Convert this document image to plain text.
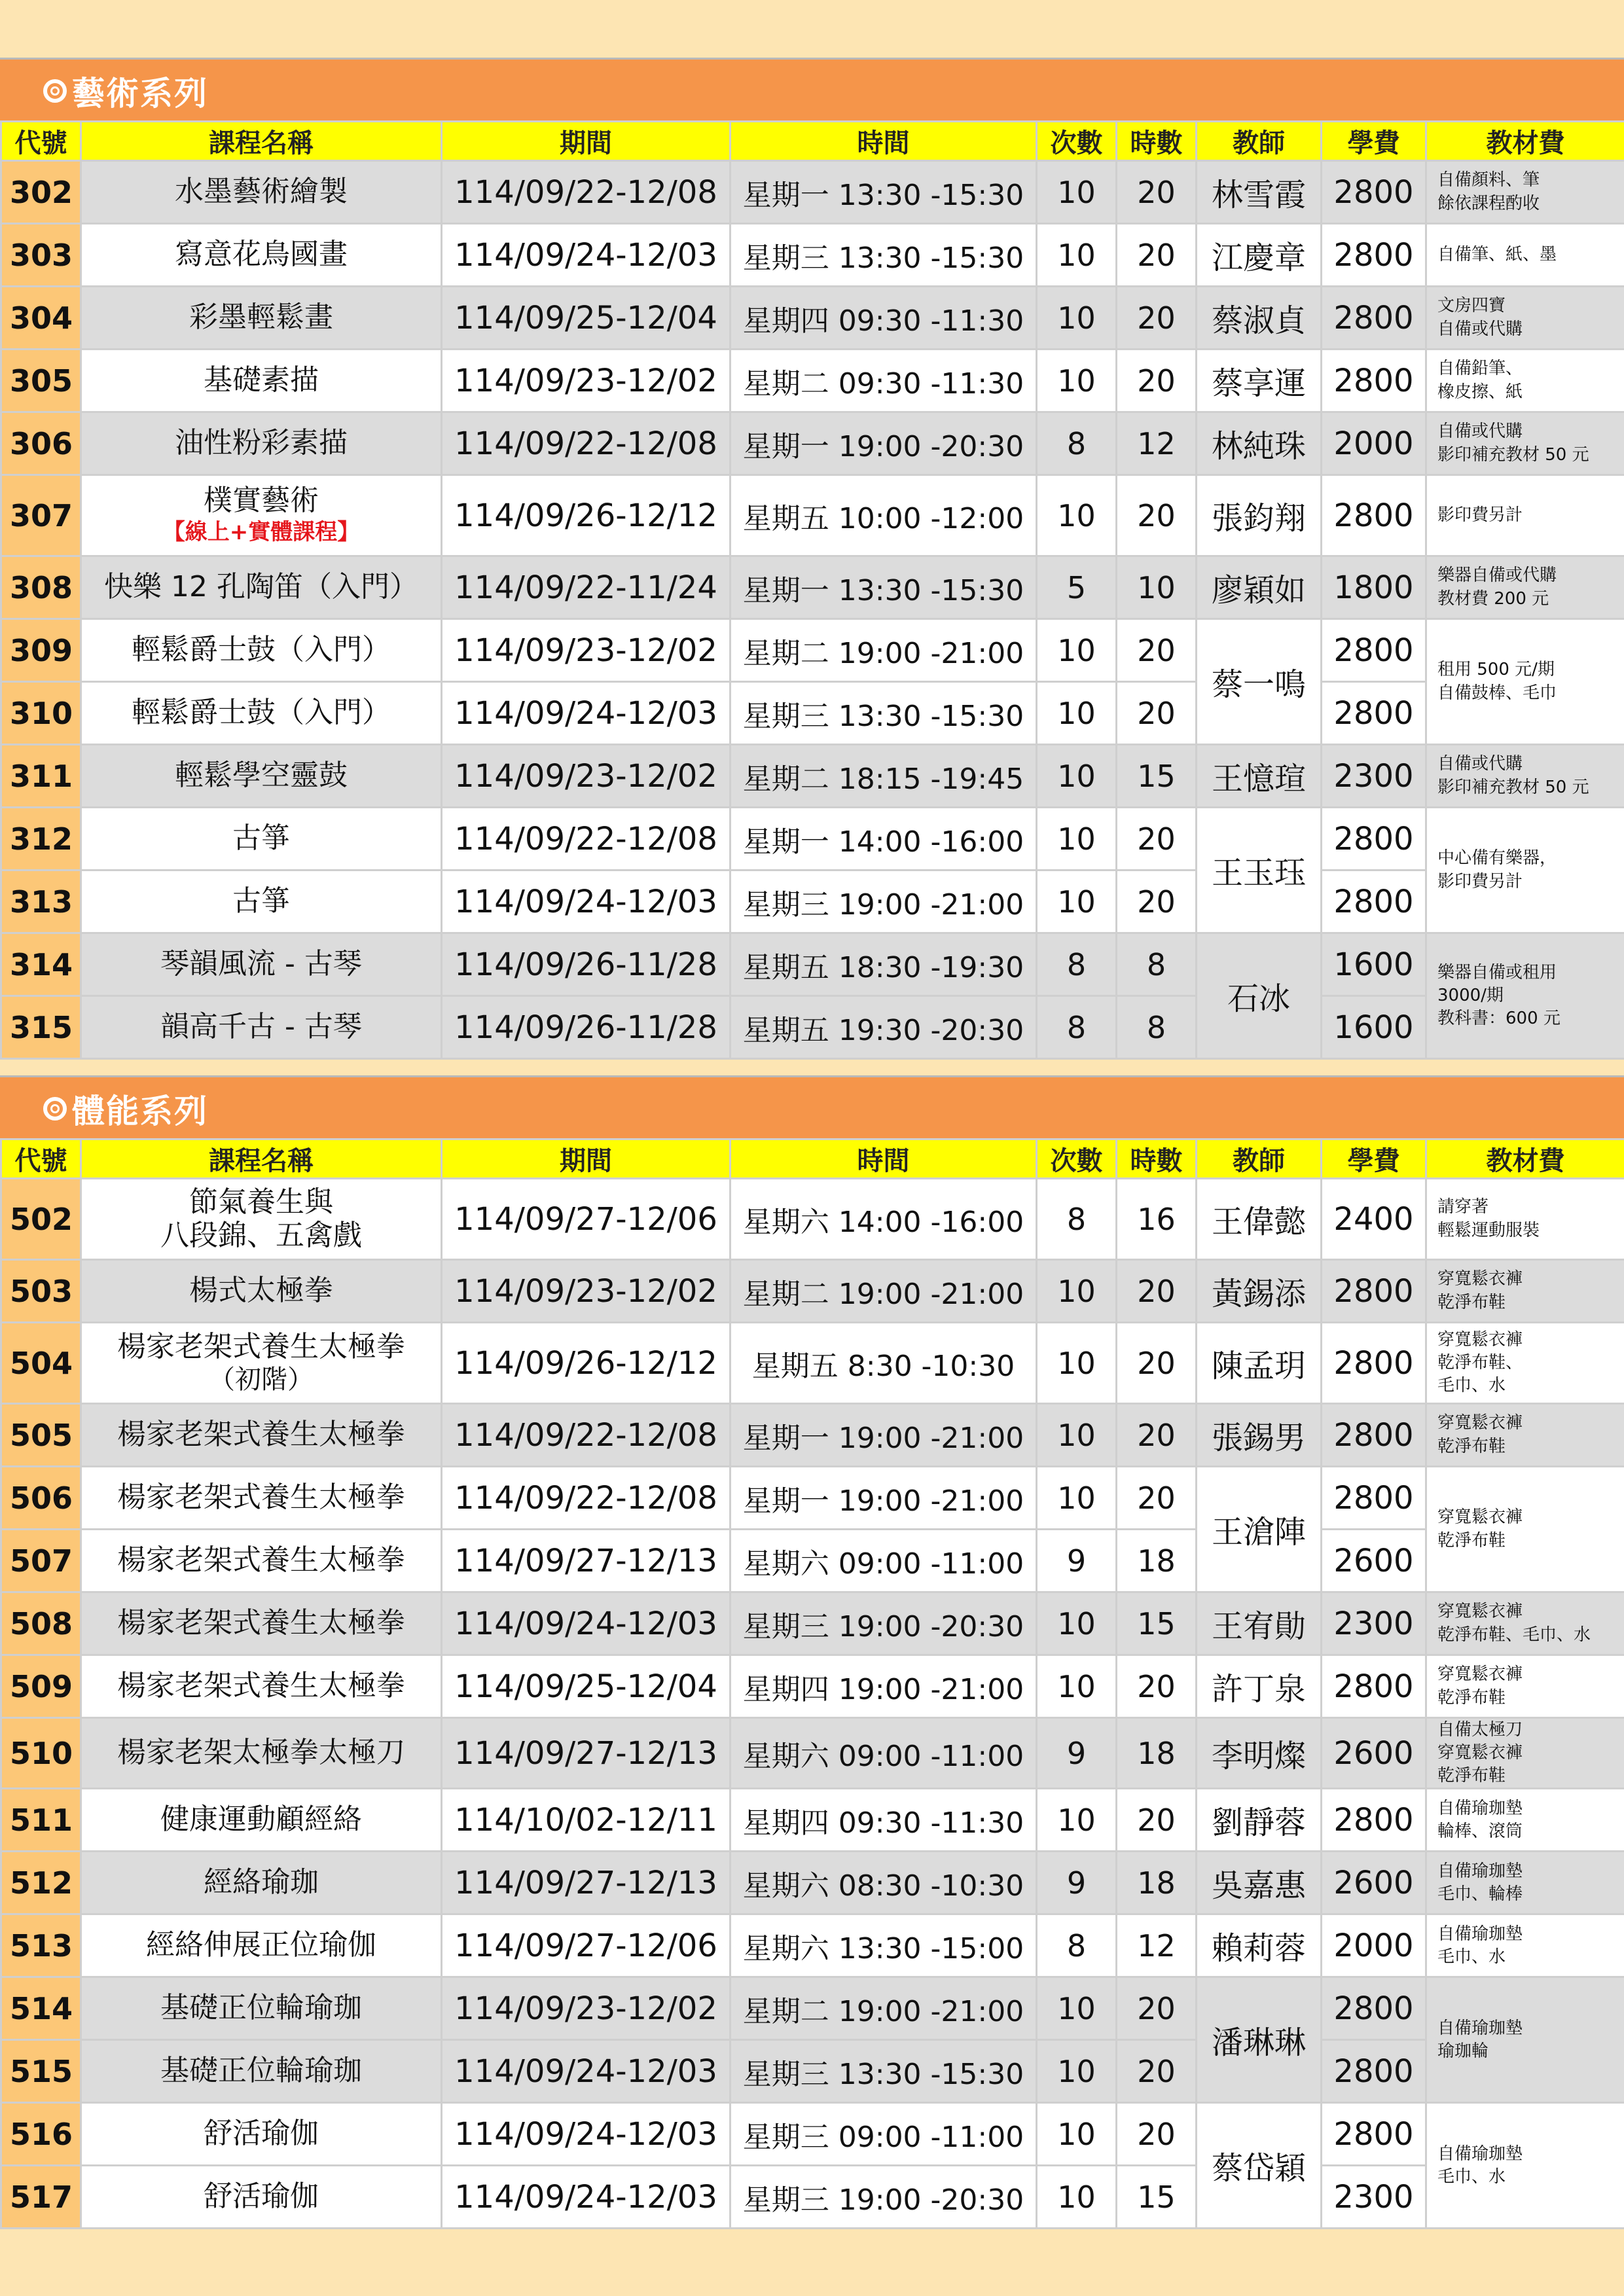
藝術系列
代號	課程名稱	期間	時間	次數	時數	教師	學費	教材費
302	水墨藝術繪製	114/09/22-12/08	星期一 13:30 -15:30	10	20	林雪霞	2800	自備顏料、筆
餘依課程酌收

303	寫意花鳥國畫	114/09/24-12/03	星期三 13:30 -15:30	10	20	江慶章	2800	自備筆、紙、墨

304	彩墨輕鬆畫	114/09/25-12/04	星期四 09:30 -11:30	10	20	蔡淑貞	2800	文房四寶
自備或代購

305	基礎素描	114/09/23-12/02	星期二 09:30 -11:30	10	20	蔡享運	2800	自備鉛筆、
橡皮擦、紙

306	油性粉彩素描	114/09/22-12/08	星期一 19:00 -20:30	8	12	林純珠	2000	自備或代購
影印補充教材 50 元

307	樸實藝術
【線上+實體課程】	114/09/26-12/12	星期五 10:00 -12:00	10	20	張鈞翔	2800	影印費另計

308	快樂 12 孔陶笛（入門）	114/09/22-11/24	星期一 13:30 -15:30	5	10	廖穎如	1800	樂器自備或代購
教材費 200 元

309	輕鬆爵士鼓（入門）	114/09/23-12/02	星期二 19:00 -21:00	10	20	蔡一鳴	2800	租用 500 元/期
自備鼓棒、毛巾

310	輕鬆爵士鼓（入門）	114/09/24-12/03	星期三 13:30 -15:30	10	20		2800	
311	輕鬆學空靈鼓	114/09/23-12/02	星期二 18:15 -19:45	10	15	王憶瑄	2300	自備或代購
影印補充教材 50 元

312	古箏	114/09/22-12/08	星期一 14:00 -16:00	10	20	王玉珏	2800	中心備有樂器，
影印費另計

313	古箏	114/09/24-12/03	星期三 19:00 -21:00	10	20		2800	
314	琴韻風流 - 古琴	114/09/26-11/28	星期五 18:30 -19:30	8	8	石冰	1600	樂器自備或租用
3000/期
教科書：600 元

315	韻高千古 - 古琴	114/09/26-11/28	星期五 19:30 -20:30	8	8		1600	
體能系列
代號	課程名稱	期間	時間	次數	時數	教師	學費	教材費
502	節氣養生與
八段錦、五禽戲	114/09/27-12/06	星期六 14:00 -16:00	8	16	王偉懿	2400	請穿著
輕鬆運動服裝

503	楊式太極拳	114/09/23-12/02	星期二 19:00 -21:00	10	20	黃錫添	2800	穿寬鬆衣褲
乾淨布鞋

504	楊家老架式養生太極拳
（初階）	114/09/26-12/12	星期五 8:30 -10:30	10	20	陳孟玥	2800	穿寬鬆衣褲
乾淨布鞋、
毛巾、水

505	楊家老架式養生太極拳	114/09/22-12/08	星期一 19:00 -21:00	10	20	張錫男	2800	穿寬鬆衣褲
乾淨布鞋

506	楊家老架式養生太極拳	114/09/22-12/08	星期一 19:00 -21:00	10	20	王滄陣	2800	穿寬鬆衣褲
乾淨布鞋

507	楊家老架式養生太極拳	114/09/27-12/13	星期六 09:00 -11:00	9	18		2600	
508	楊家老架式養生太極拳	114/09/24-12/03	星期三 19:00 -20:30	10	15	王宥勛	2300	穿寬鬆衣褲
乾淨布鞋、毛巾、水

509	楊家老架式養生太極拳	114/09/25-12/04	星期四 19:00 -21:00	10	20	許丁泉	2800	穿寬鬆衣褲
乾淨布鞋

510	楊家老架太極拳太極刀	114/09/27-12/13	星期六 09:00 -11:00	9	18	李明燦	2600	自備太極刀
穿寬鬆衣褲
乾淨布鞋

511	健康運動顧經絡	114/10/02-12/11	星期四 09:30 -11:30	10	20	劉靜蓉	2800	自備瑜珈墊
輪棒、滾筒

512	經絡瑜珈	114/09/27-12/13	星期六 08:30 -10:30	9	18	吳嘉惠	2600	自備瑜珈墊
毛巾、輪棒

513	經絡伸展正位瑜伽	114/09/27-12/06	星期六 13:30 -15:00	8	12	賴莉蓉	2000	自備瑜珈墊
毛巾、水

514	基礎正位輪瑜珈	114/09/23-12/02	星期二 19:00 -21:00	10	20	潘琳琳	2800	自備瑜珈墊
瑜珈輪

515	基礎正位輪瑜珈	114/09/24-12/03	星期三 13:30 -15:30	10	20		2800	
516	舒活瑜伽	114/09/24-12/03	星期三 09:00 -11:00	10	20	蔡岱穎	2800	自備瑜珈墊
毛巾、水

517	舒活瑜伽	114/09/24-12/03	星期三 19:00 -20:30	10	15		2300	
